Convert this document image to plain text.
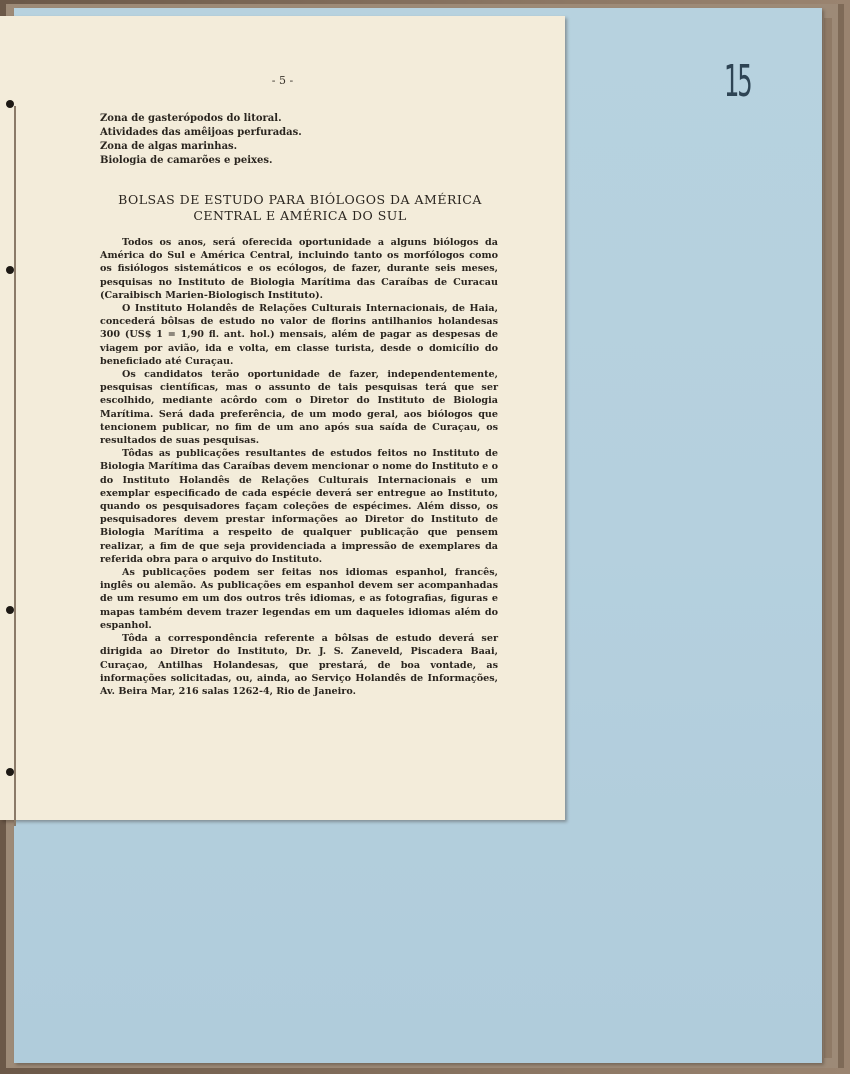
15
- 5 -
Zona de gasterópodos do litoral.
Atividades das amêijoas perfuradas.
Zona de algas marinhas.
Biologia de camarões e peixes.
BOLSAS DE ESTUDO PARA BIÓLOGOS DA AMÉRICA
CENTRAL E AMÉRICA DO SUL

Todos os anos, será oferecida oportunidade a alguns biólogos da América do Sul e América Central, incluindo tanto os morfólogos como os fisiólogos sistemáticos e os ecólogos, de fazer, durante seis meses, pesquisas no Instituto de Biologia Marítima das Caraíbas de Curacau (Caraibisch Marien-Biologisch Instituto).

O Instituto Holandês de Relações Culturais Internacionais, de Haia, concederá bôlsas de estudo no valor de florins antilhanios holandesas 300 (US$ 1 = 1,90 fl. ant. hol.) mensais, além de pagar as despesas de viagem por avião, ida e volta, em classe turista, desde o domicílio do beneficiado até Curaçau.

Os candidatos terão oportunidade de fazer, independentemente, pesquisas científicas, mas o assunto de tais pesquisas terá que ser escolhido, mediante acôrdo com o Diretor do Instituto de Biologia Marítima. Será dada preferência, de um modo geral, aos biólogos que tencionem publicar, no fim de um ano após sua saída de Curaçau, os resultados de suas pesquisas.

Tôdas as publicações resultantes de estudos feitos no Instituto de Biologia Marítima das Caraíbas devem mencionar o nome do Instituto e o do Instituto Holandês de Relações Culturais Internacionais e um exemplar especificado de cada espécie deverá ser entregue ao Instituto, quando os pesquisadores façam coleções de espécimes. Além disso, os pesquisadores devem prestar informações ao Diretor do Instituto de Biologia Marítima a respeito de qualquer publicação que pensem realizar, a fim de que seja providenciada a impressão de exemplares da referida obra para o arquivo do Instituto.

As publicações podem ser feitas nos idiomas espanhol, francês, inglês ou alemão. As publicações em espanhol devem ser acompanhadas de um resumo em um dos outros três idiomas, e as fotografias, figuras e mapas também devem trazer legendas em um daqueles idiomas além do espanhol.

Tôda a correspondência referente a bôlsas de estudo deverá ser dirigida ao Diretor do Instituto, Dr. J. S. Zaneveld, Piscadera Baai, Curaçao, Antilhas Holandesas, que prestará, de boa vontade, as informações solicitadas, ou, ainda, ao Serviço Holandês de Informações, Av. Beira Mar, 216 salas 1262-4, Rio de Janeiro.
